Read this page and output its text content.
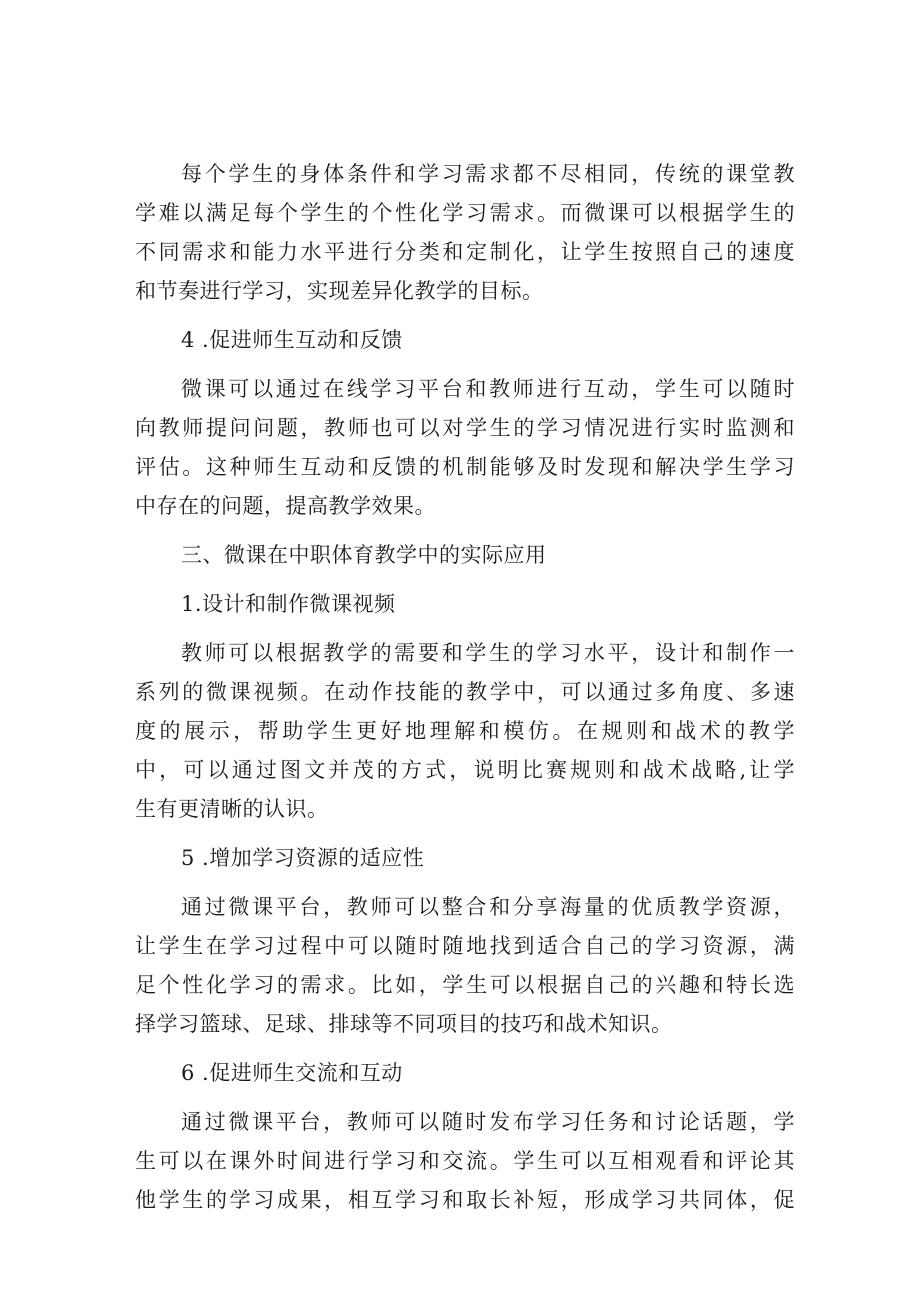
每个学生的身体条件和学习需求都不尽相同，传统的课堂教
学难以满足每个学生的个性化学习需求。而微课可以根据学生的
不同需求和能力水平进行分类和定制化，让学生按照自己的速度
和节奏进行学习，实现差异化教学的目标。
4 .促进师生互动和反馈
微课可以通过在线学习平台和教师进行互动，学生可以随时
向教师提问问题，教师也可以对学生的学习情况进行实时监测和
评估。这种师生互动和反馈的机制能够及时发现和解决学生学习
中存在的问题，提高教学效果。
三、微课在中职体育教学中的实际应用
1.设计和制作微课视频
教师可以根据教学的需要和学生的学习水平，设计和制作一
系列的微课视频。在动作技能的教学中，可以通过多角度、多速
度的展示，帮助学生更好地理解和模仿。在规则和战术的教学
中，可以通过图文并茂的方式，说明比赛规则和战术战略,让学
生有更清晰的认识。
5 .增加学习资源的适应性
通过微课平台，教师可以整合和分享海量的优质教学资源，
让学生在学习过程中可以随时随地找到适合自己的学习资源，满
足个性化学习的需求。比如，学生可以根据自己的兴趣和特长选
择学习篮球、足球、排球等不同项目的技巧和战术知识。
6 .促进师生交流和互动
通过微课平台，教师可以随时发布学习任务和讨论话题，学
生可以在课外时间进行学习和交流。学生可以互相观看和评论其
他学生的学习成果，相互学习和取长补短，形成学习共同体，促
